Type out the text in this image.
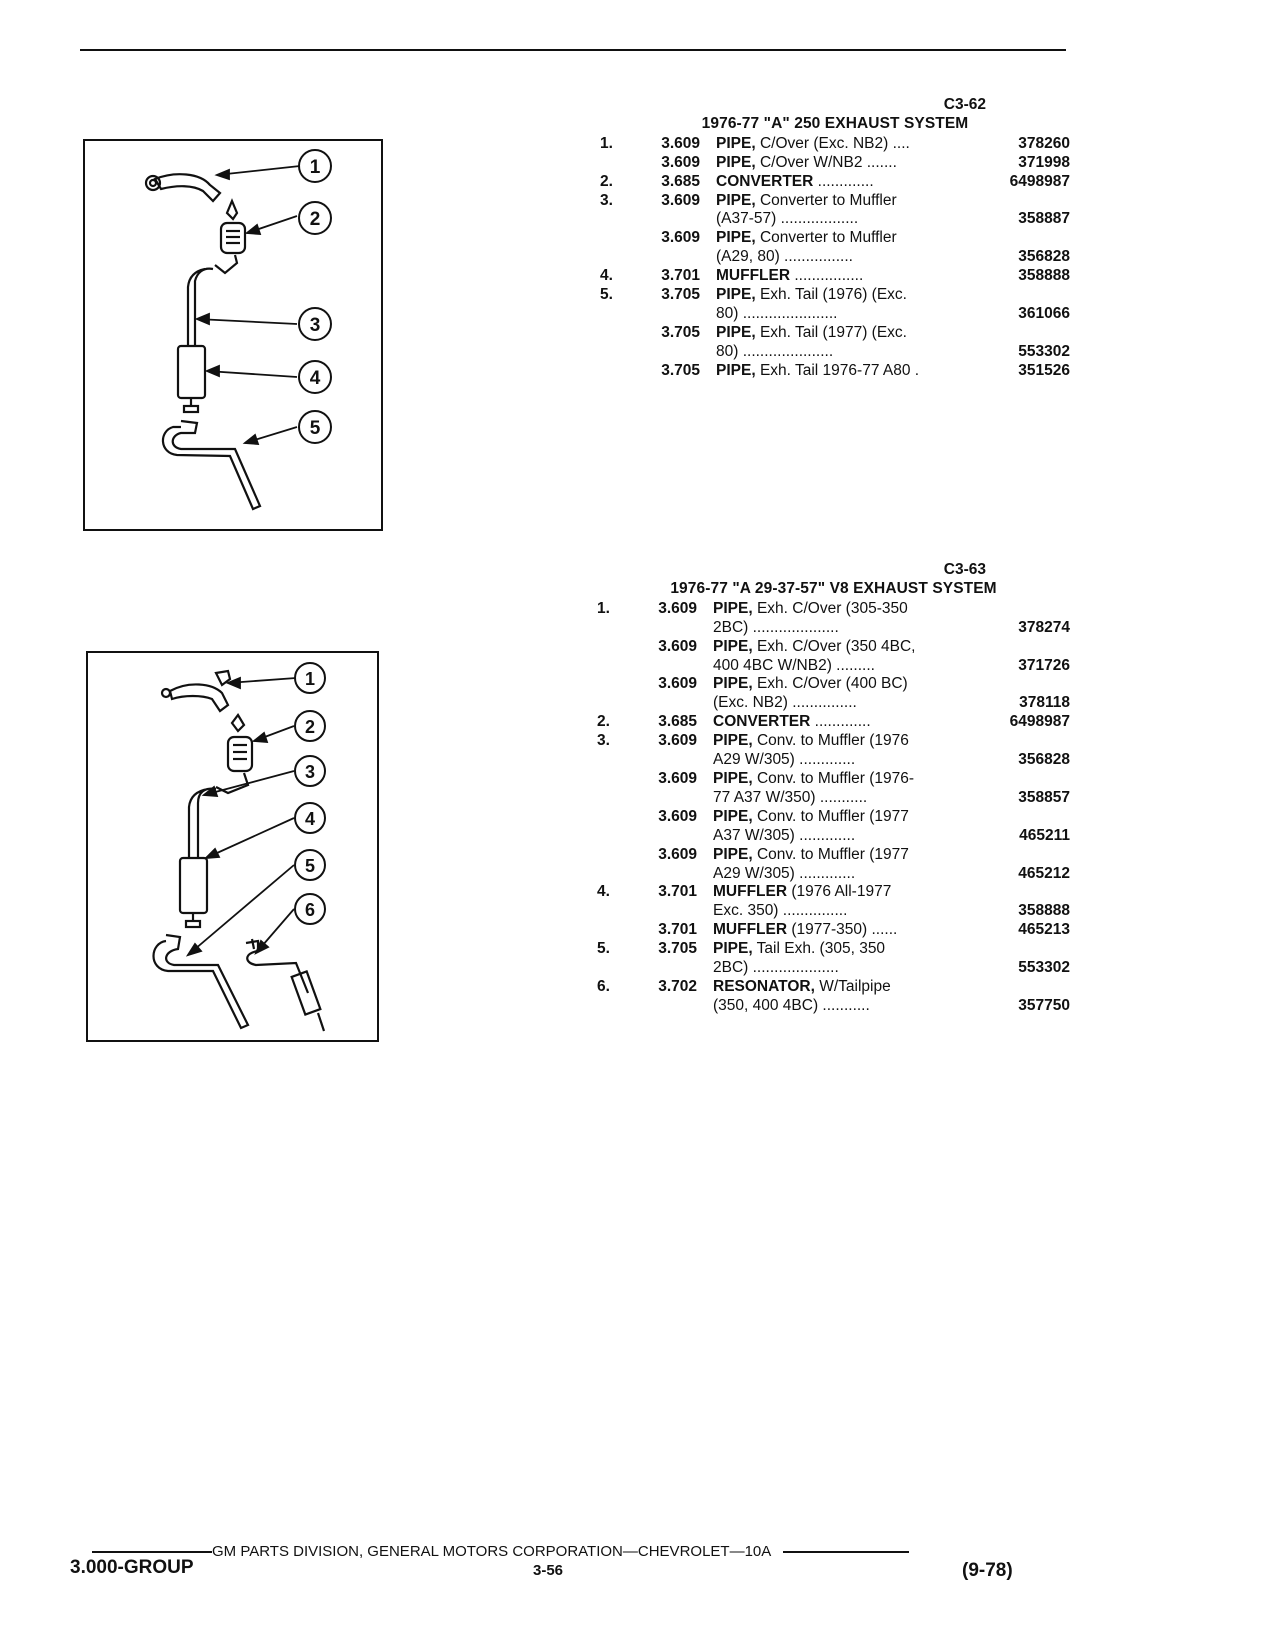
1
2
3
4
5
C3-62
1976-77 "A" 250 EXHAUST SYSTEM
1.	3.609	PIPE, C/Over (Exc. NB2) ....	378260
3.609	PIPE, C/Over W/NB2 .......	371998
2.	3.685	CONVERTER .............	6498987
3.	3.609	PIPE, Converter to Muffler
(A37-57) ..................	358887
3.609	PIPE, Converter to Muffler
(A29, 80) ................	356828
4.	3.701	MUFFLER ................	358888
5.	3.705	PIPE, Exh. Tail (1976) (Exc.
80) ......................	361066
3.705	PIPE, Exh. Tail (1977) (Exc.
80) .....................	553302
3.705	PIPE, Exh. Tail 1976-77 A80 .	351526
1
2
3
4
5
6
C3-63
1976-77 "A 29-37-57" V8 EXHAUST SYSTEM
1.	3.609	PIPE, Exh. C/Over (305-350
2BC) ....................	378274
3.609	PIPE, Exh. C/Over (350 4BC,
400 4BC W/NB2) .........	371726
3.609	PIPE, Exh. C/Over (400 BC)
(Exc. NB2) ...............	378118
2.	3.685	CONVERTER .............	6498987
3.	3.609	PIPE, Conv. to Muffler (1976
A29 W/305) .............	356828
3.609	PIPE, Conv. to Muffler (1976-
77 A37 W/350) ...........	358857
3.609	PIPE, Conv. to Muffler (1977
A37 W/305) .............	465211
3.609	PIPE, Conv. to Muffler (1977
A29 W/305) .............	465212
4.	3.701	MUFFLER (1976 All-1977
Exc. 350) ...............	358888
3.701	MUFFLER (1977-350) ......	465213
5.	3.705	PIPE, Tail Exh. (305, 350
2BC) ....................	553302
6.	3.702	RESONATOR, W/Tailpipe
(350, 400 4BC) ...........	357750
GM PARTS DIVISION, GENERAL MOTORS CORPORATION—CHEVROLET—10A
3.000-GROUP	3-56	(9-78)
